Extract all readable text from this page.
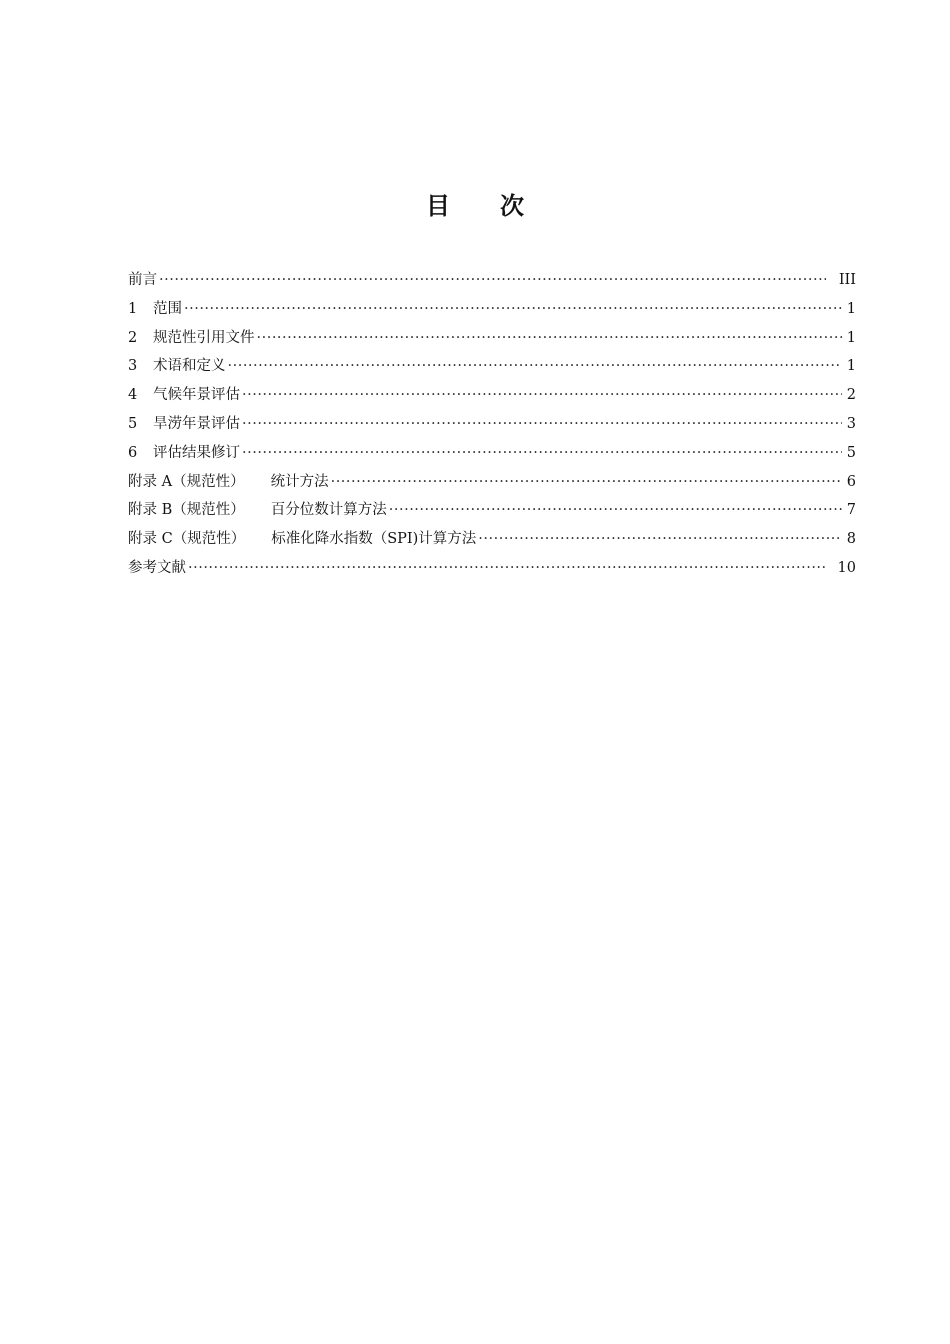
目 次
前言 ·····	III
1	范围 ·····	1
2	规范性引用文件 ·····	1
3	术语和定义 ·····	1
4	气候年景评估 ·····	2
5	旱涝年景评估 ·····	3
6	评估结果修订 ·····	5
附录 A（规范性） 统计方法 ·····	6
附录 B（规范性） 百分位数计算方法 ·····	7
附录 C（规范性） 标准化降水指数（SPI)计算方法 ·····	8
参考文献 ·····	10
